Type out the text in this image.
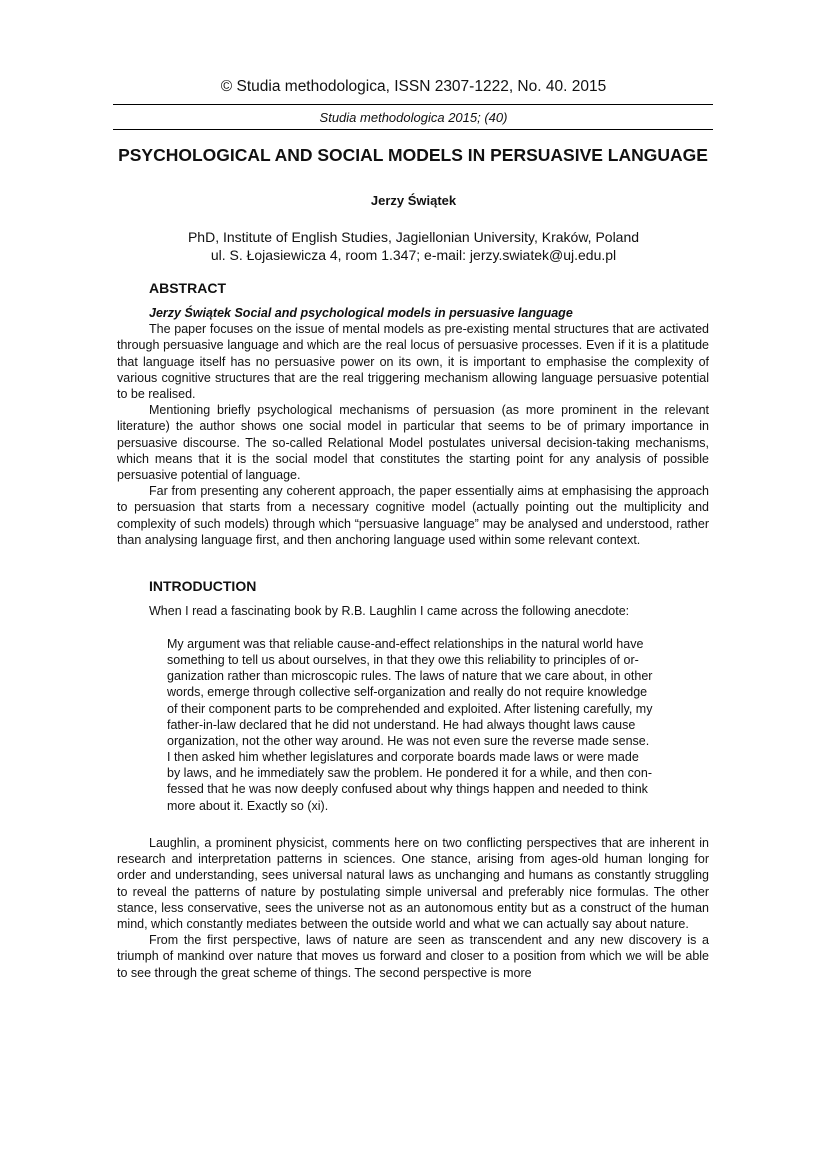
© Studia methodologica, ISSN 2307-1222, No. 40. 2015
Studia methodologica 2015; (40)
PSYCHOLOGICAL AND SOCIAL MODELS IN PERSUASIVE LANGUAGE
Jerzy Świątek
PhD, Institute of English Studies, Jagiellonian University, Kraków, Poland
ul. S. Łojasiewicza 4, room 1.347; e-mail: jerzy.swiatek@uj.edu.pl
ABSTRACT

Jerzy Świątek Social and psychological models in persuasive language

The paper focuses on the issue of mental models as pre-existing mental structures that are activated through persuasive language and which are the real locus of persuasive processes. Even if it is a platitude that language itself has no persuasive power on its own, it is important to emphasise the complexity of various cognitive structures that are the real triggering mechanism allowing language persuasive potential to be realised.

Mentioning briefly psychological mechanisms of persuasion (as more prominent in the relevant literature) the author shows one social model in particular that seems to be of primary importance in persuasive discourse. The so-called Relational Model postulates universal decision-taking mechanisms, which means that it is the social model that constitutes the starting point for any analysis of possible persuasive potential of language.

Far from presenting any coherent approach, the paper essentially aims at emphasising the approach to persuasion that starts from a necessary cognitive model (actually pointing out the multiplicity and complexity of such models) through which “persuasive language” may be analysed and understood, rather than analysing language first, and then anchoring language used within some relevant context.

INTRODUCTION
When I read a fascinating book by R.B. Laughlin I came across the following anecdote:
My argument was that reliable cause-and-effect relationships in the natural world have
something to tell us about ourselves, in that they owe this reliability to principles of or-
ganization rather than microscopic rules. The laws of nature that we care about, in other
words, emerge through collective self-organization and really do not require knowledge
of their component parts to be comprehended and exploited. After listening carefully, my
father-in-law declared that he did not understand. He had always thought laws cause
organization, not the other way around. He was not even sure the reverse made sense.
I then asked him whether legislatures and corporate boards made laws or were made
by laws, and he immediately saw the problem. He pondered it for a while, and then con-
fessed that he was now deeply confused about why things happen and needed to think
more about it. Exactly so (xi).

Laughlin, a prominent physicist, comments here on two conflicting perspectives that are inherent in research and interpretation patterns in sciences. One stance, arising from ages-old human longing for order and understanding, sees universal natural laws as unchanging and humans as constantly struggling to reveal the patterns of nature by postulating simple universal and preferably nice formulas. The other stance, less conservative, sees the universe not as an autonomous entity but as a construct of the human mind, which constantly mediates between the outside world and what we can actually say about nature.

From the first perspective, laws of nature are seen as transcendent and any new discovery is a triumph of mankind over nature that moves us forward and closer to a position from which we will be able to see through the great scheme of things. The second perspective is more
